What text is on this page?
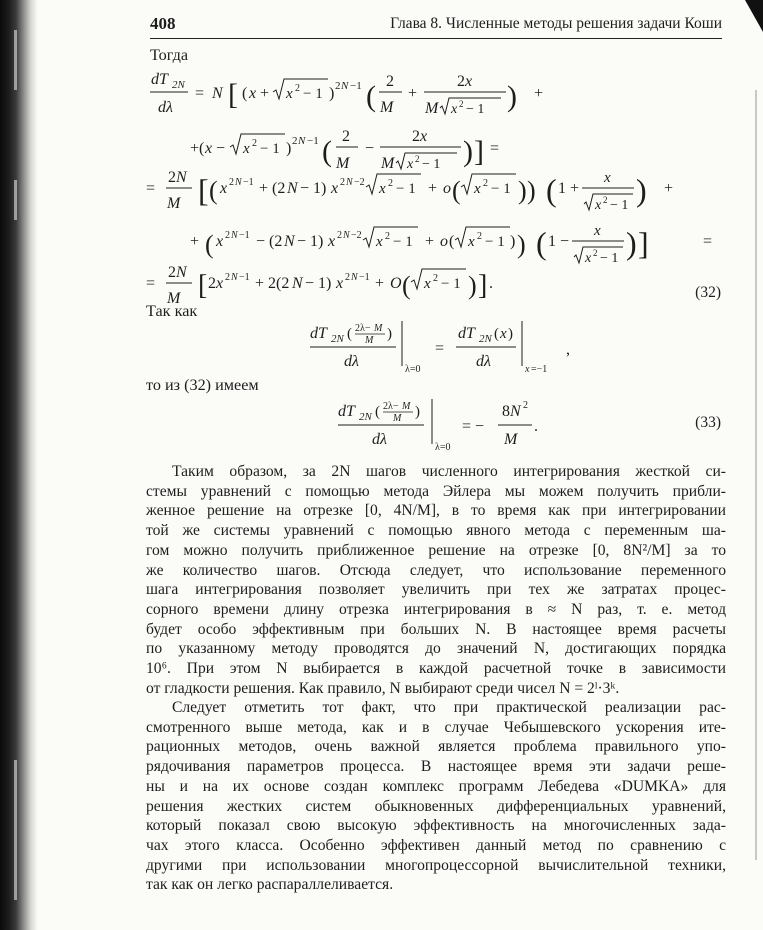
408	Глава 8. Численные методы решения задачи Коши
Тогда
dT 2N
dλ
= N [ ( x + x 2 − 1 ) 2 N −1 ( 2
M
+
2 x
M x 2 − 1 ) +
+( x − x 2 − 1 ) 2 N −1 ( 2
M
−
2 x
M x 2 − 1 ) ] =
=
2 N
M [ ( x 2 N −1 + (2 N − 1) x 2 N −2 x 2 − 1 + o ( x 2 − 1 ) ) ( 1 +
x
x 2 − 1 ) +
+ ( x 2 N −1 − (2 N − 1) x 2 N −2 x 2 − 1 + o ( x 2 − 1 ) ) ( 1 −
x
x 2 − 1 ) ]	=
=
2 N
M [ 2 x 2 N −1 + 2(2 N − 1) x 2 N −1 + O ( x 2 − 1 ) ] .
(32)
Так как
dT 2N ( 2λ− M
M )
dλ	λ=0
=
dT 2N ( x )
dλ	x =−1
,
то из (32) имеем
dT 2N ( 2λ− M
M )
dλ	λ=0
= −
8 N 2
M
.	(33)
Таким образом, за 2N шагов численного интегрирования жесткой си-
стемы уравнений с помощью метода Эйлера мы можем получить прибли-
женное решение на отрезке [0, 4N/M], в то время как при интегрировании
той же системы уравнений с помощью явного метода с переменным ша-
гом можно получить приближенное решение на отрезке [0, 8N²/M] за то
же количество шагов. Отсюда следует, что использование переменного
шага интегрирования позволяет увеличить при тех же затратах процес-
сорного времени длину отрезка интегрирования в ≈ N раз, т. е. метод
будет особо эффективным при больших N. В настоящее время расчеты
по указанному методу проводятся до значений N, достигающих порядка
10⁶. При этом N выбирается в каждой расчетной точке в зависимости
от гладкости решения. Как правило, N выбирают среди чисел N = 2ˡ·3ᵏ.
Следует отметить тот факт, что при практической реализации рас-
смотренного выше метода, как и в случае Чебышевского ускорения ите-
рационных методов, очень важной является проблема правильного упо-
рядочивания параметров процесса. В настоящее время эти задачи реше-
ны и на их основе создан комплекс программ Лебедева «DUMKA» для
решения жестких систем обыкновенных дифференциальных уравнений,
который показал свою высокую эффективность на многочисленных зада-
чах этого класса. Особенно эффективен данный метод по сравнению с
другими при использовании многопроцессорной вычислительной техники,
так как он легко распараллеливается.
